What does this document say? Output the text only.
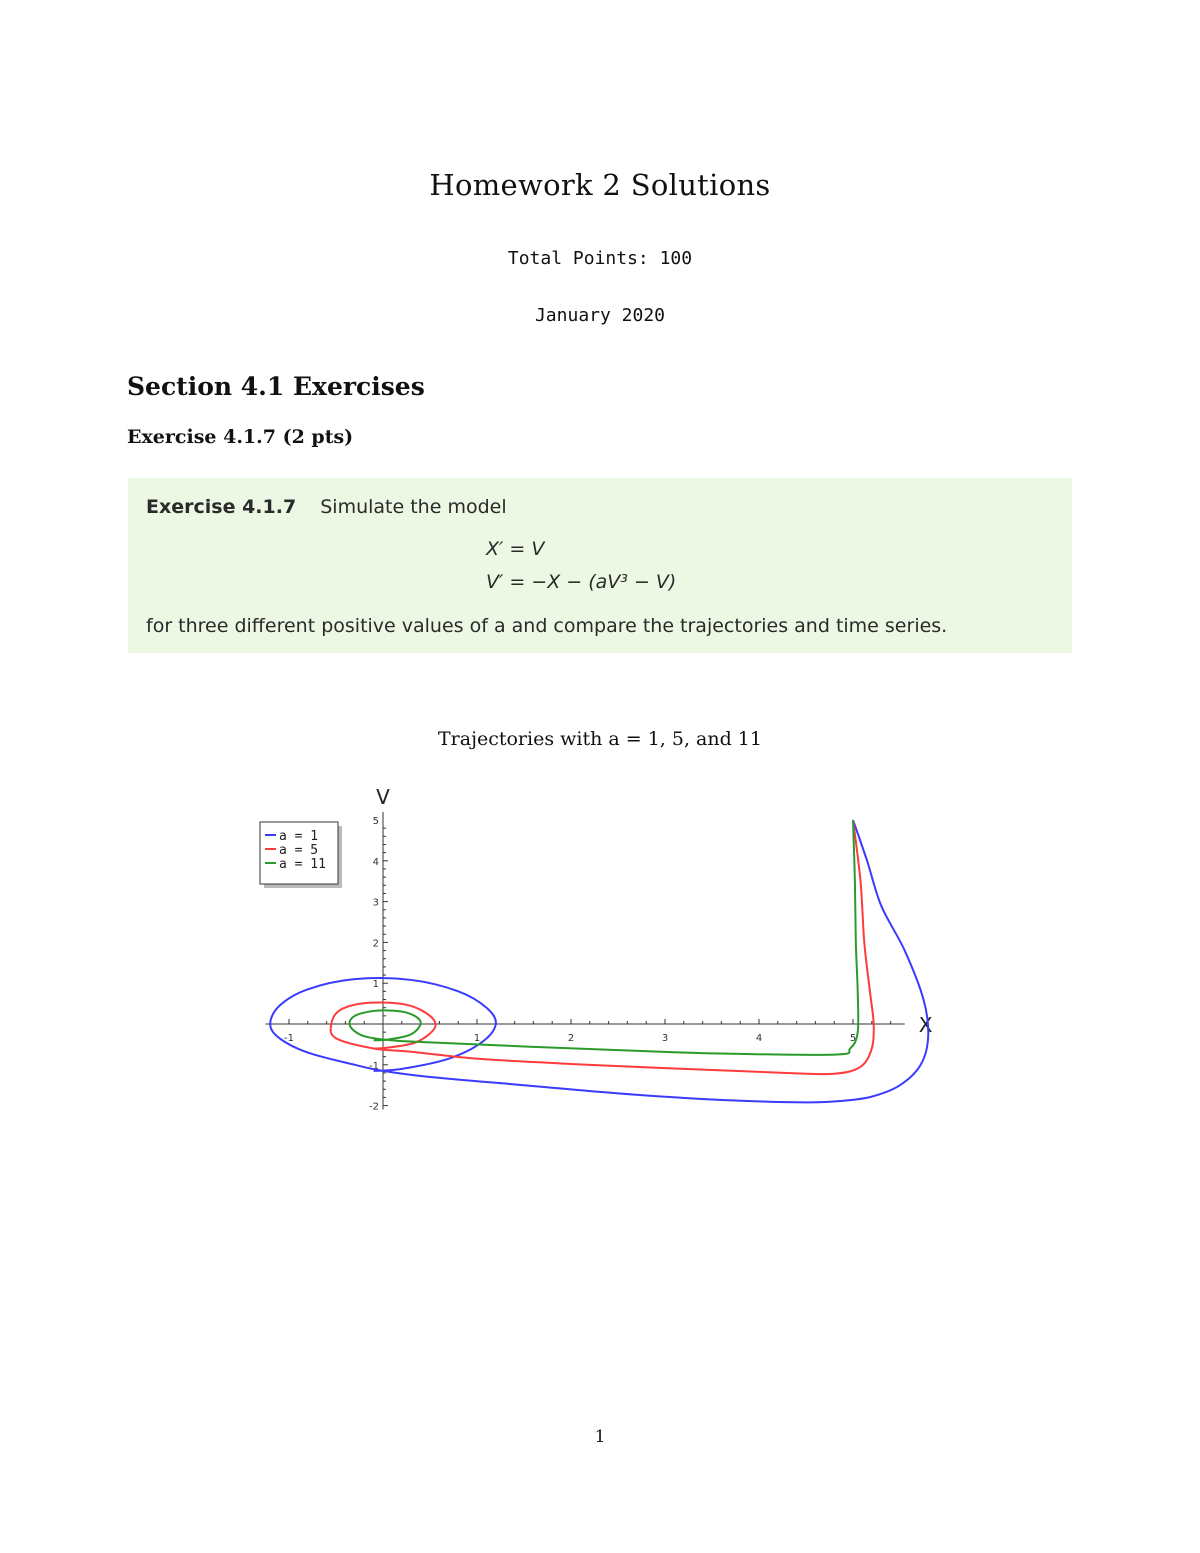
Homework 2 Solutions
Total Points: 100
January 2020
Section 4.1 Exercises
Exercise 4.1.7 (2 pts)
Exercise 4.1.7 Simulate the model
X′ = V
V′ = −X − (aV³ − V)
for three different positive values of a and compare the trajectories and time series.
Trajectories with a = 1, 5, and 11
-1	1	2	3	4	5
-2
-1
1
2
3
4
5
X
V
a = 1
a = 5
a = 11
1
